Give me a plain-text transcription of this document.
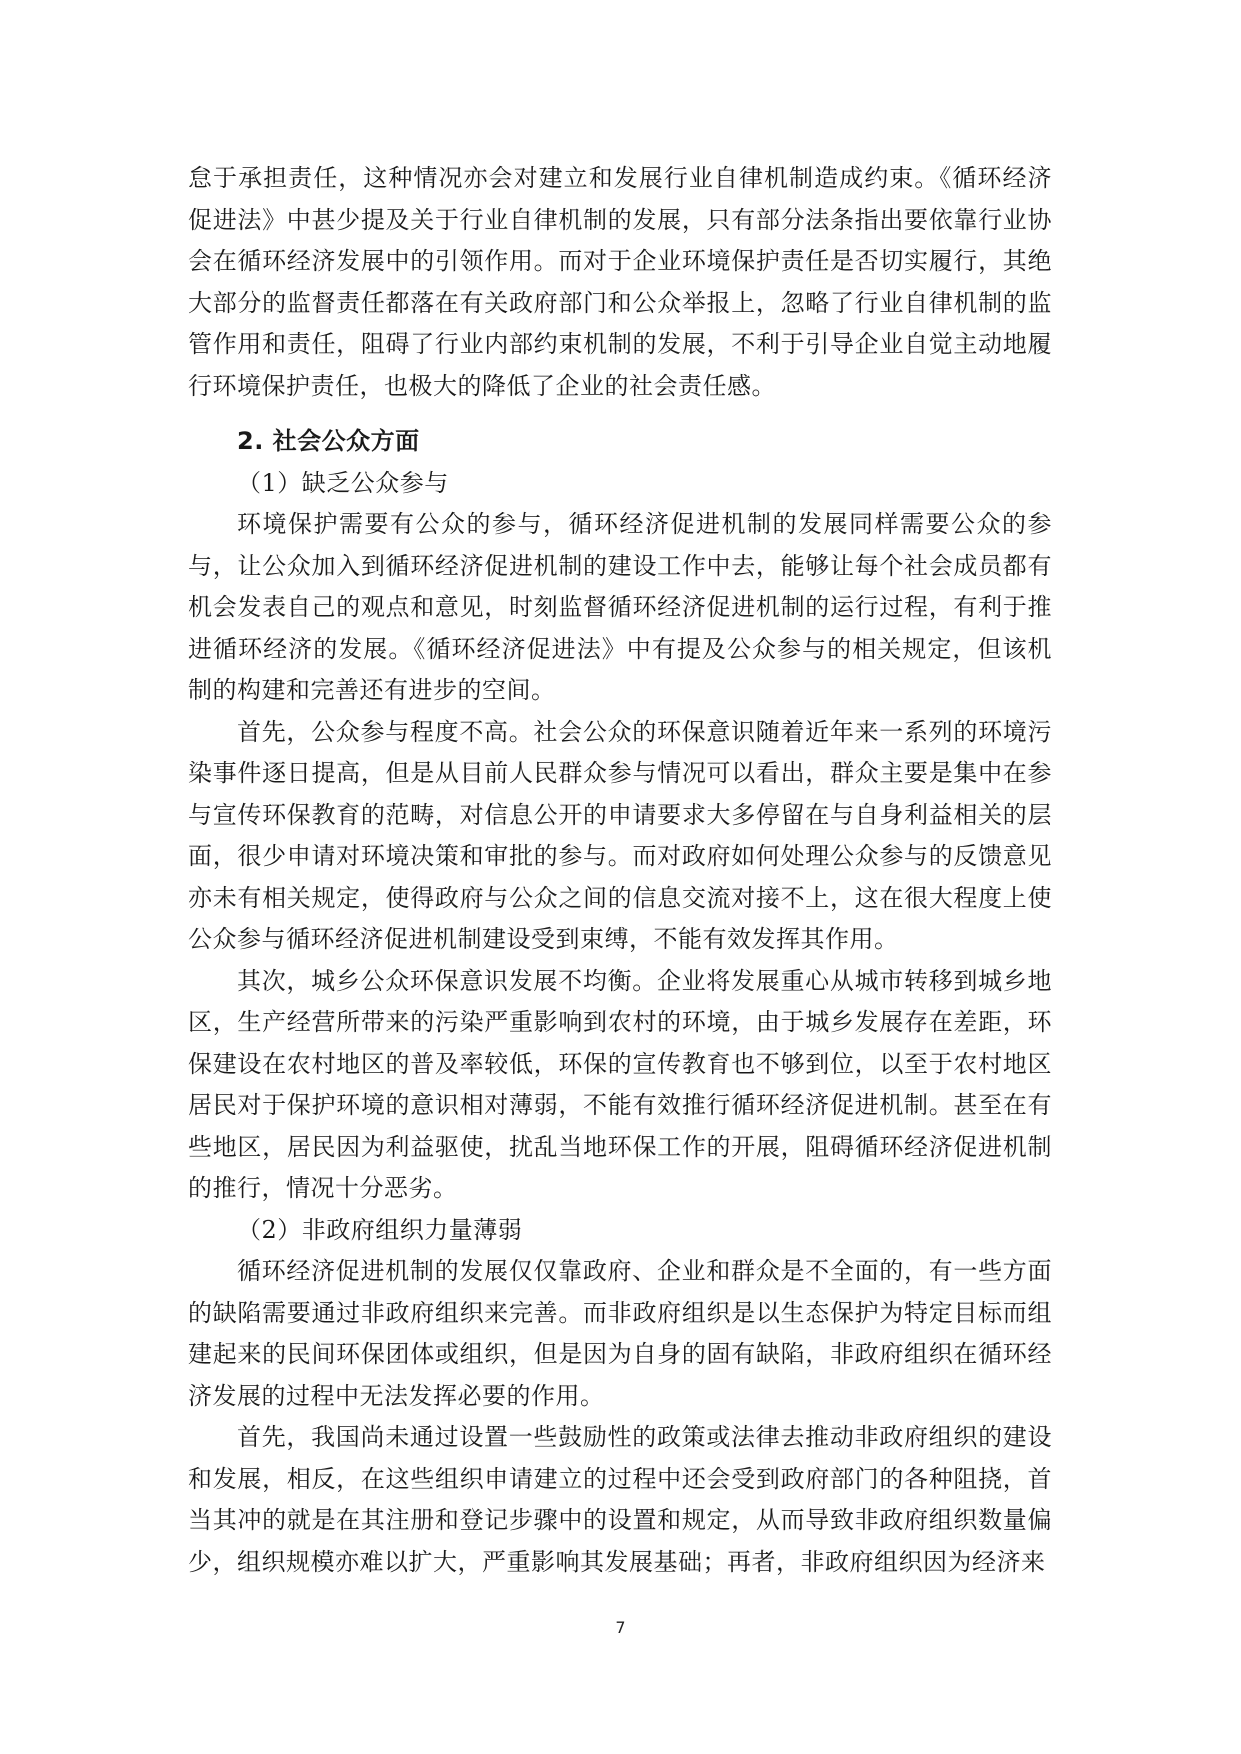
怠于承担责任，这种情况亦会对建立和发展行业自律机制造成约束。《循环经济促进法》中甚少提及关于行业自律机制的发展，只有部分法条指出要依靠行业协会在循环经济发展中的引领作用。而对于企业环境保护责任是否切实履行，其绝大部分的监督责任都落在有关政府部门和公众举报上，忽略了行业自律机制的监管作用和责任，阻碍了行业内部约束机制的发展，不利于引导企业自觉主动地履行环境保护责任，也极大的降低了企业的社会责任感。

2. 社会公众方面

（1）缺乏公众参与

环境保护需要有公众的参与，循环经济促进机制的发展同样需要公众的参与，让公众加入到循环经济促进机制的建设工作中去，能够让每个社会成员都有机会发表自己的观点和意见，时刻监督循环经济促进机制的运行过程，有利于推进循环经济的发展。《循环经济促进法》中有提及公众参与的相关规定，但该机制的构建和完善还有进步的空间。

首先，公众参与程度不高。社会公众的环保意识随着近年来一系列的环境污染事件逐日提高，但是从目前人民群众参与情况可以看出，群众主要是集中在参与宣传环保教育的范畴，对信息公开的申请要求大多停留在与自身利益相关的层面，很少申请对环境决策和审批的参与。而对政府如何处理公众参与的反馈意见亦未有相关规定，使得政府与公众之间的信息交流对接不上，这在很大程度上使公众参与循环经济促进机制建设受到束缚，不能有效发挥其作用。

其次，城乡公众环保意识发展不均衡。企业将发展重心从城市转移到城乡地区，生产经营所带来的污染严重影响到农村的环境，由于城乡发展存在差距，环保建设在农村地区的普及率较低，环保的宣传教育也不够到位，以至于农村地区居民对于保护环境的意识相对薄弱，不能有效推行循环经济促进机制。甚至在有些地区，居民因为利益驱使，扰乱当地环保工作的开展，阻碍循环经济促进机制的推行，情况十分恶劣。

（2）非政府组织力量薄弱

循环经济促进机制的发展仅仅靠政府、企业和群众是不全面的，有一些方面的缺陷需要通过非政府组织来完善。而非政府组织是以生态保护为特定目标而组建起来的民间环保团体或组织，但是因为自身的固有缺陷，非政府组织在循环经济发展的过程中无法发挥必要的作用。

首先，我国尚未通过设置一些鼓励性的政策或法律去推动非政府组织的建设和发展，相反，在这些组织申请建立的过程中还会受到政府部门的各种阻挠，首当其冲的就是在其注册和登记步骤中的设置和规定，从而导致非政府组织数量偏少，组织规模亦难以扩大，严重影响其发展基础；再者，非政府组织因为经济来

7
